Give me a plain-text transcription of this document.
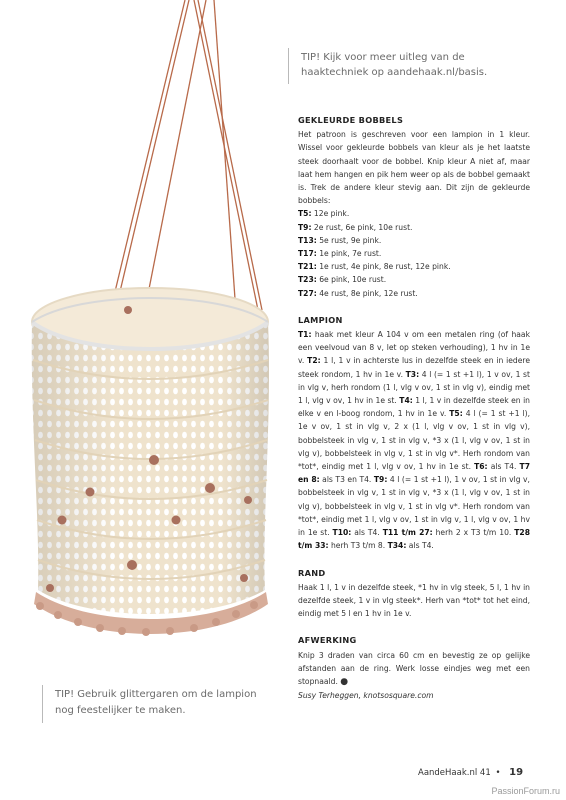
TIP! Kijk voor meer uitleg van de
haaktechniek op aandehaak.nl/basis.
TIP! Gebruik glittergaren om de lampion
nog feestelijker te maken.
GEKLEURDE BOBBELS

Het patroon is geschreven voor een lampion in 1 kleur. Wissel voor gekleurde bobbels van kleur als je het laatste steek doorhaalt voor de bobbel. Knip kleur A niet af, maar laat hem hangen en pik hem weer op als de bobbel gemaakt is. Trek de andere kleur stevig aan. Dit zijn de gekleurde bobbels:

T5: 12e pink.

T9: 2e rust, 6e pink, 10e rust.

T13: 5e rust, 9e pink.

T17: 1e pink, 7e rust.

T21: 1e rust, 4e pink, 8e rust, 12e pink.

T23: 6e pink, 10e rust.

T27: 4e rust, 8e pink, 12e rust.

LAMPION

T1: haak met kleur A 104 v om een metalen ring (of haak een veelvoud van 8 v, let op steken verhouding), 1 hv in 1e v. T2: 1 l, 1 v in achterste lus in dezelfde steek en in iedere steek rondom, 1 hv in 1e v. T3: 4 l (= 1 st +1 l), 1 v ov, 1 st in vlg v, herh rondom (1 l, vlg v ov, 1 st in vlg v), eindig met 1 l, vlg v ov, 1 hv in 1e st. T4: 1 l, 1 v in dezelfde steek en in elke v en l-boog rondom, 1 hv in 1e v. T5: 4 l (= 1 st +1 l), 1e v ov, 1 st in vlg v, 2 x (1 l, vlg v ov, 1 st in vlg v), bobbelsteek in vlg v, 1 st in vlg v, *3 x (1 l, vlg v ov, 1 st in vlg v), bobbelsteek in vlg v, 1 st in vlg v*. Herh rondom van *tot*, eindig met 1 l, vlg v ov, 1 hv in 1e st. T6: als T4. T7 en 8: als T3 en T4. T9: 4 l (= 1 st +1 l), 1 v ov, 1 st in vlg v, bobbelsteek in vlg v, 1 st in vlg v, *3 x (1 l, vlg v ov, 1 st in vlg v), bobbelsteek in vlg v, 1 st in vlg v*. Herh rondom van *tot*, eindig met 1 l, vlg v ov, 1 st in vlg v, 1 l, vlg v ov, 1 hv in 1e st. T10: als T4. T11 t/m 27: herh 2 x T3 t/m 10. T28 t/m 33: herh T3 t/m 8. T34: als T4.

RAND

Haak 1 l, 1 v in dezelfde steek, *1 hv in vlg steek, 5 l, 1 hv in dezelfde steek, 1 v in vlg steek*. Herh van *tot* tot het eind, eindig met 5 l en 1 hv in 1e v.

AFWERKING

Knip 3 draden van circa 60 cm en bevestig ze op gelijke afstanden aan de ring. Werk losse eindjes weg met een stopnaald. ●

Susy Terheggen, knotsosquare.com

AandeHaak.nl 41 • 19
PassionForum.ru
